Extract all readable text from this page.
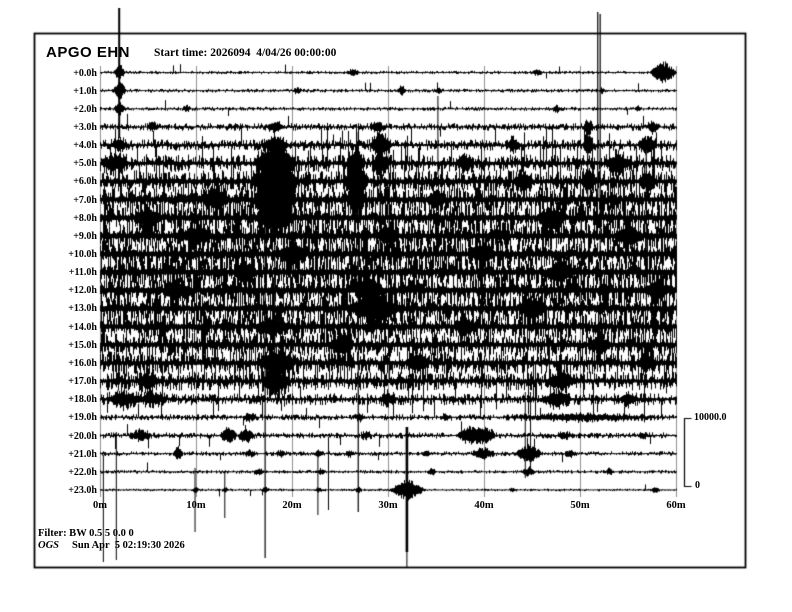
APGO EHN Start time: 2026094  4/04/26 00:00:00
+0.0h
+1.0h
+2.0h
+3.0h
+4.0h
+5.0h
+6.0h
+7.0h
+8.0h
+9.0h
+10.0h
+11.0h
+12.0h
+13.0h
+14.0h
+15.0h
+16.0h
+17.0h
+18.0h
+19.0h
+20.0h
+21.0h
+22.0h
+23.0h
0m	10m	20m	30m	40m	50m	60m
10000.0
0
Filter: BW 0.5 5 0.0 0
OGS Sun Apr  5 02:19:30 2026
